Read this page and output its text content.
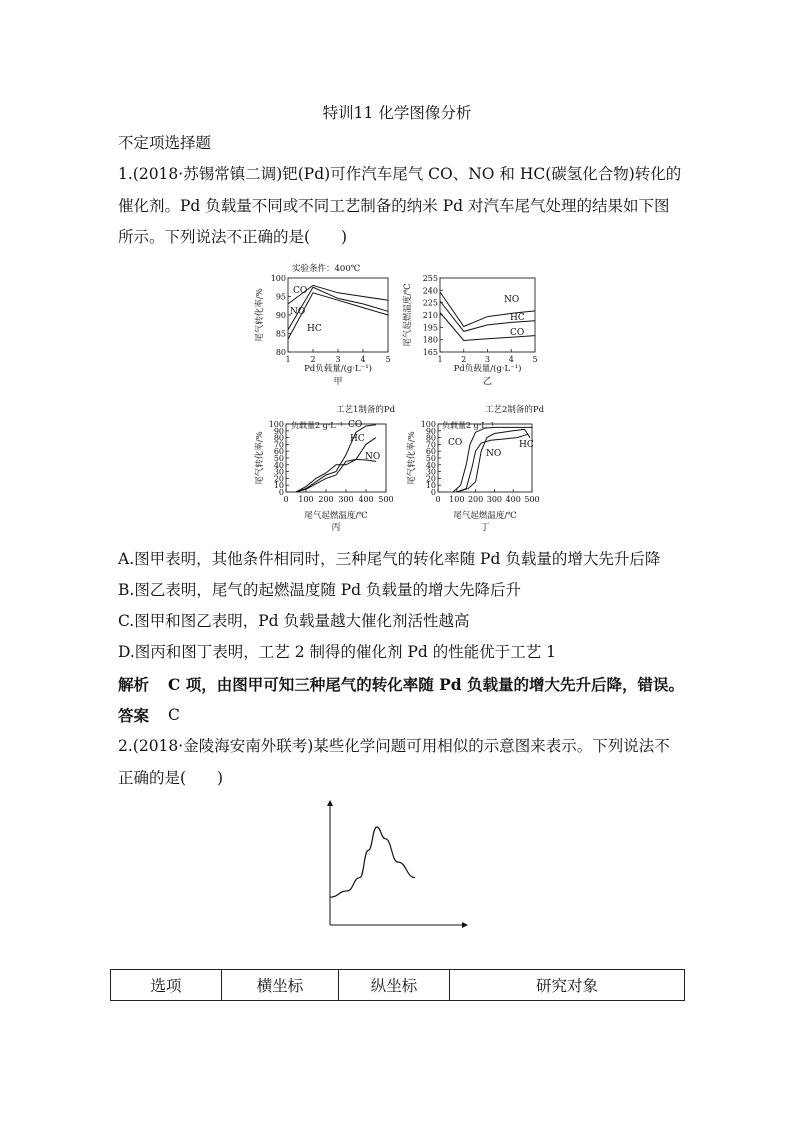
特训11 化学图像分析
不定项选择题
1.(2018·苏锡常镇二调)钯(Pd)可作汽车尾气 CO、NO 和 HC(碳氢化合物)转化的
催化剂。Pd 负载量不同或不同工艺制备的纳米 Pd 对汽车尾气处理的结果如下图
所示。下列说法不正确的是(　　)
80
85
90
95
100
1 2 3 4 5
Pd负载量/(g·L⁻¹)
尾气转化率/%
甲
实验条件：400℃
CO
NO
HC
165
180
195
210
225
240
255
1 2 3 4 5
Pd负载量/(g·L⁻¹)
尾气起燃温度/℃
乙
NO
HC
CO
0
10
20
30
40
50
60
70
80
90
100
0 100 200 300 400 500
尾气起燃温度/℃
尾气转化率/%
丙
工艺1制备的Pd
负载量2 g·L⁻¹ CO
HC
NO
0
10
20
30
40
50
60
70
80
90
100
0 100 200 300 400 500
尾气起燃温度/℃
尾气转化率/%
丁
工艺2制备的Pd
负载量2 g·L⁻¹
CO
NO
HC
A.图甲表明，其他条件相同时，三种尾气的转化率随 Pd 负载量的增大先升后降
B.图乙表明，尾气的起燃温度随 Pd 负载量的增大先降后升
C.图甲和图乙表明，Pd 负载量越大催化剂活性越高
D.图丙和图丁表明，工艺 2 制得的催化剂 Pd 的性能优于工艺 1
解析 C 项，由图甲可知三种尾气的转化率随 Pd 负载量的增大先升后降，错误。
答案 C
2.(2018·金陵海安南外联考)某些化学问题可用相似的示意图来表示。下列说法不
正确的是(　　)
选项	横坐标	纵坐标	研究对象
